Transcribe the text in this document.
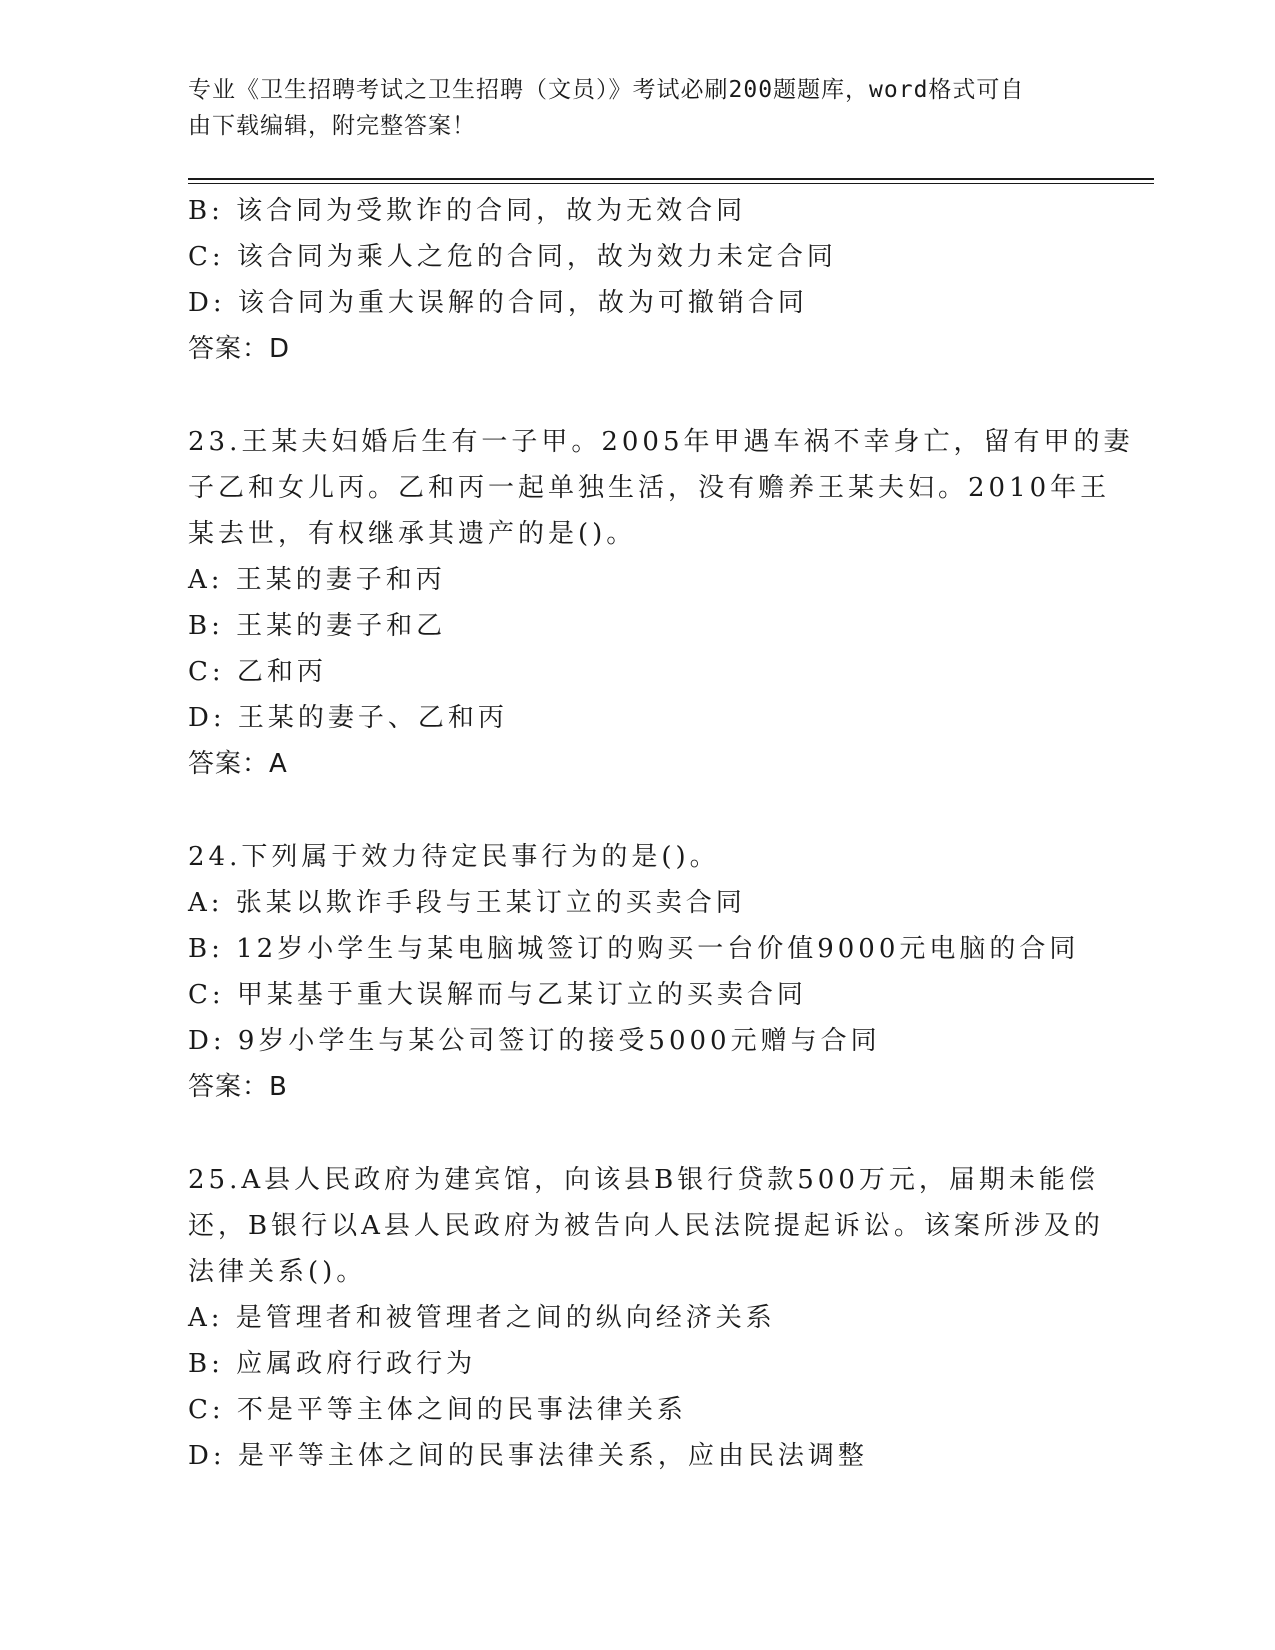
专业《卫生招聘考试之卫生招聘（文员）》考试必刷200题题库，word格式可自
由下载编辑，附完整答案！
B: 该合同为受欺诈的合同，故为无效合同
C: 该合同为乘人之危的合同，故为效力未定合同
D: 该合同为重大误解的合同，故为可撤销合同
答案：D
23.王某夫妇婚后生有一子甲。2005年甲遇车祸不幸身亡，留有甲的妻
子乙和女儿丙。乙和丙一起单独生活，没有赡养王某夫妇。2010年王
某去世，有权继承其遗产的是()。
A: 王某的妻子和丙
B: 王某的妻子和乙
C: 乙和丙
D: 王某的妻子、乙和丙
答案：A
24.下列属于效力待定民事行为的是()。
A: 张某以欺诈手段与王某订立的买卖合同
B: 12岁小学生与某电脑城签订的购买一台价值9000元电脑的合同
C: 甲某基于重大误解而与乙某订立的买卖合同
D: 9岁小学生与某公司签订的接受5000元赠与合同
答案：B
25.A县人民政府为建宾馆，向该县B银行贷款500万元，届期未能偿
还，B银行以A县人民政府为被告向人民法院提起诉讼。该案所涉及的
法律关系()。
A: 是管理者和被管理者之间的纵向经济关系
B: 应属政府行政行为
C: 不是平等主体之间的民事法律关系
D: 是平等主体之间的民事法律关系，应由民法调整
